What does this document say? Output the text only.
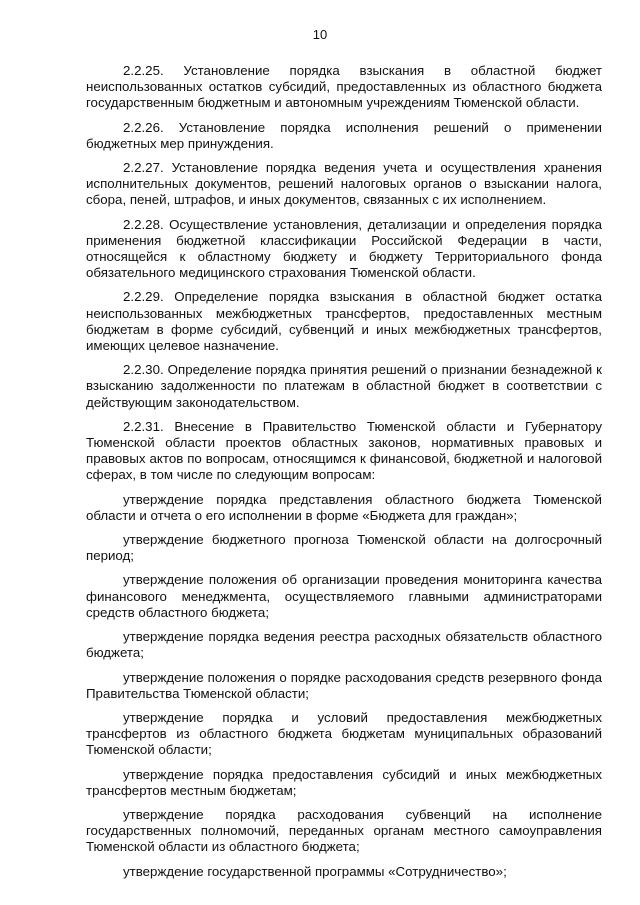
10

2.2.25. Установление порядка взыскания в областной бюджет неиспользованных остатков субсидий, предоставленных из областного бюджета государственным бюджетным и автономным учреждениям Тюменской области.

2.2.26. Установление порядка исполнения решений о применении бюджетных мер принуждения.

2.2.27. Установление порядка ведения учета и осуществления хранения исполнительных документов, решений налоговых органов о взыскании налога, сбора, пеней, штрафов, и иных документов, связанных с их исполнением.

2.2.28. Осуществление установления, детализации и определения порядка применения бюджетной классификации Российской Федерации в части, относящейся к областному бюджету и бюджету Территориального фонда обязательного медицинского страхования Тюменской области.

2.2.29. Определение порядка взыскания в областной бюджет остатка неиспользованных межбюджетных трансфертов, предоставленных местным бюджетам в форме субсидий, субвенций и иных межбюджетных трансфертов, имеющих целевое назначение.

2.2.30. Определение порядка принятия решений о признании безнадежной к взысканию задолженности по платежам в областной бюджет в соответствии с действующим законодательством.

2.2.31. Внесение в Правительство Тюменской области и Губернатору Тюменской области проектов областных законов, нормативных правовых и правовых актов по вопросам, относящимся к финансовой, бюджетной и налоговой сферах, в том числе по следующим вопросам:

утверждение порядка представления областного бюджета Тюменской области и отчета о его исполнении в форме «Бюджета для граждан»;

утверждение бюджетного прогноза Тюменской области на долгосрочный период;

утверждение положения об организации проведения мониторинга качества финансового менеджмента, осуществляемого главными администраторами средств областного бюджета;

утверждение порядка ведения реестра расходных обязательств областного бюджета;

утверждение положения о порядке расходования средств резервного фонда Правительства Тюменской области;

утверждение порядка и условий предоставления межбюджетных трансфертов из областного бюджета бюджетам муниципальных образований Тюменской области;

утверждение порядка предоставления субсидий и иных межбюджетных трансфертов местным бюджетам;

утверждение порядка расходования субвенций на исполнение государственных полномочий, переданных органам местного самоуправления Тюменской области из областного бюджета;

утверждение государственной программы «Сотрудничество»;
